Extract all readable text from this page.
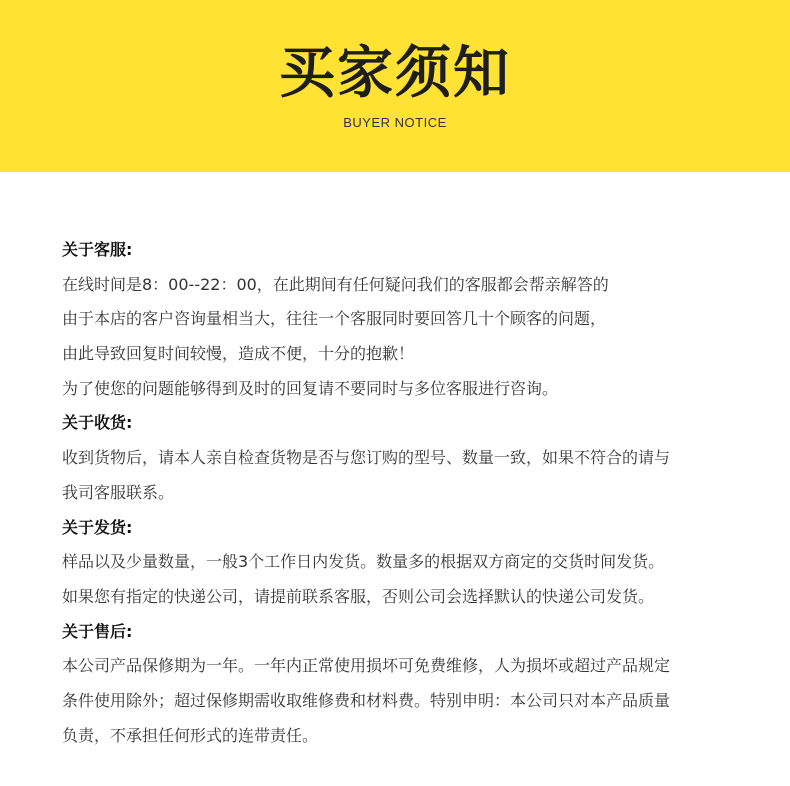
买家须知
BUYER NOTICE
关于客服:
在线时间是8：00--22：00，在此期间有任何疑问我们的客服都会帮亲解答的
由于本店的客户咨询量相当大，往往一个客服同时要回答几十个顾客的问题，
由此导致回复时间较慢，造成不便，十分的抱歉！
为了使您的问题能够得到及时的回复请不要同时与多位客服进行咨询。
关于收货:
收到货物后，请本人亲自检查货物是否与您订购的型号、数量一致，如果不符合的请与
我司客服联系。
关于发货:
样品以及少量数量，一般3个工作日内发货。数量多的根据双方商定的交货时间发货。
如果您有指定的快递公司，请提前联系客服，否则公司会选择默认的快递公司发货。
关于售后:
本公司产品保修期为一年。一年内正常使用损坏可免费维修，人为损坏或超过产品规定
条件使用除外；超过保修期需收取维修费和材料费。特别申明：本公司只对本产品质量
负责，不承担任何形式的连带责任。
